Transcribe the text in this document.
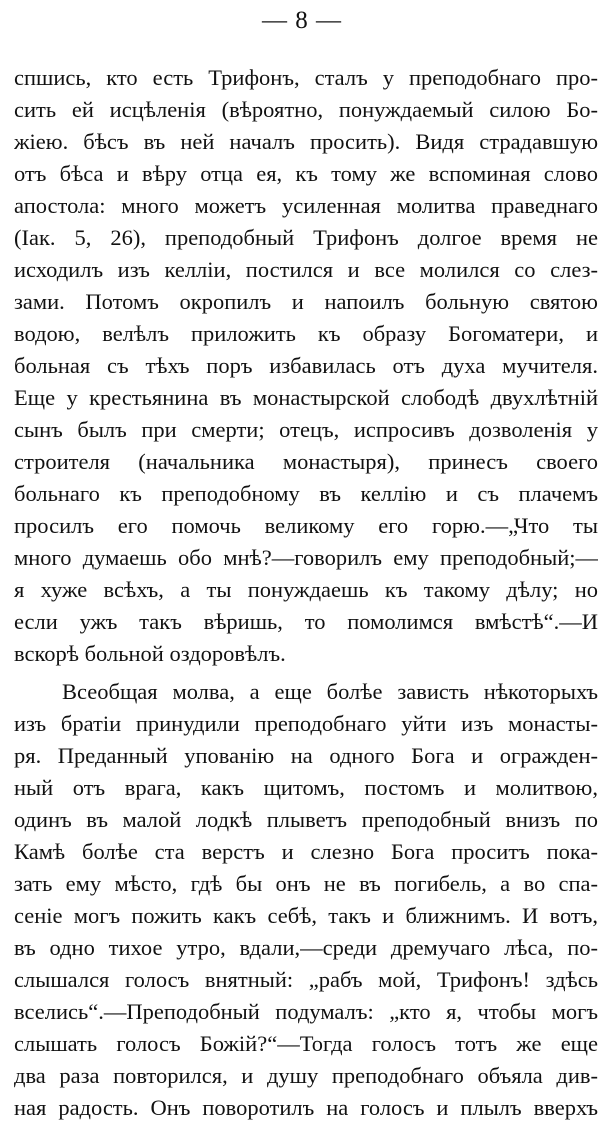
— 8 —
спшись, кто есть Трифонъ, сталъ у преподобнаго про-
сить ей исцѣленія (вѣроятно, понуждаемый силою Бо-
жіею. бѣсъ въ ней началъ просить). Видя страдавшую
отъ бѣса и вѣру отца ея, къ тому же вспоминая слово
апостола: много можетъ усиленная молитва праведнаго
(Іак. 5, 26), преподобный Трифонъ долгое время не
исходилъ изъ келліи, постился и все молился со слез-
зами. Потомъ окропилъ и напоилъ больную святою
водою, велѣлъ приложить къ образу Богоматери, и
больная съ тѣхъ поръ избавилась отъ духа мучителя.
Еще у крестьянина въ монастырской слободѣ двухлѣтній
сынъ былъ при смерти; отецъ, испросивъ дозволенія у
строителя (начальника монастыря), принесъ своего
больнаго къ преподобному въ келлію и съ плачемъ
просилъ его помочь великому его горю.—„Что ты
много думаешь обо мнѣ?—говорилъ ему преподобный;—
я хуже всѣхъ, а ты понуждаешь къ такому дѣлу; но
если ужъ такъ вѣришь, то помолимся вмѣстѣ“.—И
вскорѣ больной оздоровѣлъ.
Всеобщая молва, а еще болѣе зависть нѣкоторыхъ
изъ братіи принудили преподобнаго уйти изъ монасты-
ря. Преданный упованію на одного Бога и огражден-
ный отъ врага, какъ щитомъ, постомъ и молитвою,
одинъ въ малой лодкѣ плыветъ преподобный внизъ по
Камѣ болѣе ста верстъ и слезно Бога проситъ пока-
зать ему мѣсто, гдѣ бы онъ не въ погибель, а во спа-
сеніе могъ пожить какъ себѣ, такъ и ближнимъ. И вотъ,
въ одно тихое утро, вдали,—среди дремучаго лѣса, по-
слышался голосъ внятный: „рабъ мой, Трифонъ! здѣсь
вселись“.—Преподобный подумалъ: „кто я, чтобы могъ
слышать голосъ Божій?“—Тогда голосъ тотъ же еще
два раза повторился, и душу преподобнаго объяла див-
ная радость. Онъ поворотилъ на голосъ и плылъ вверхъ
